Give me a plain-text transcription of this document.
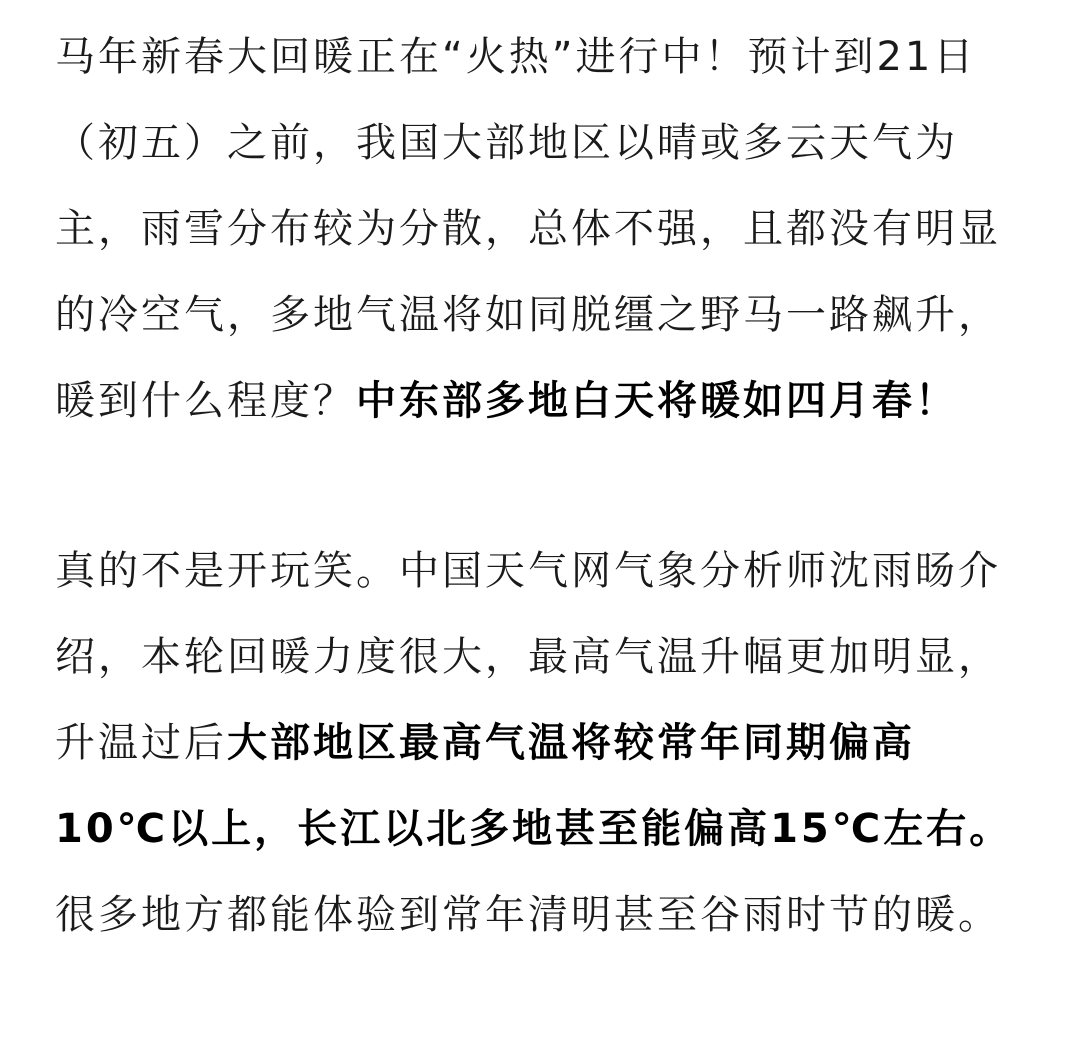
马年新春大回暖正在“火热”进行中！预计到21日（初五）之前，我国大部地区以晴或多云天气为主，雨雪分布较为分散，总体不强，且都没有明显的冷空气，多地气温将如同脱缰之野马一路飙升，暖到什么程度？中东部多地白天将暖如四月春！

真的不是开玩笑。中国天气网气象分析师沈雨旸介绍，本轮回暖力度很大，最高气温升幅更加明显，升温过后大部地区最高气温将较常年同期偏高10℃以上，长江以北多地甚至能偏高15℃左右。很多地方都能体验到常年清明甚至谷雨时节的暖。
